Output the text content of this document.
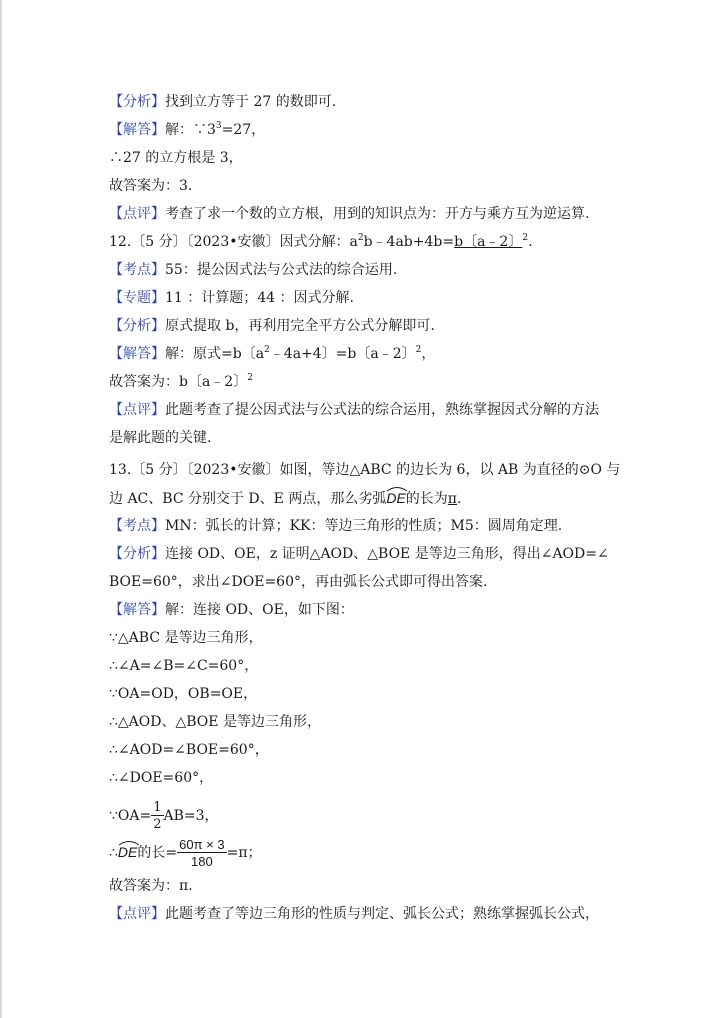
【分析】找到立方等于 27 的数即可.
【解答】解：$\because 3^3=27$，
∴27 的立方根是 3，
故答案为：3.
【点评】考查了求一个数的立方根，用到的知识点为：开方与乘方互为逆运算.
12.〔5 分〕〔2023•安徽〕因式分解：$a^2b﹣4ab+4b=b$〔a﹣2〕$^2$.
【考点】55：提公因式法与公式法的综合运用.
【专题】11 ：计算题；44 ：因式分解.
【分析】原式提取 b，再利用完全平方公式分解即可.
【解答】解：原式=b〔$a^2﹣4a+4$〕=b〔a﹣2〕$^2$，
故答案为：b〔a﹣2〕$^2$
【点评】此题考查了提公因式法与公式法的综合运用，熟练掌握因式分解的方法
是解此题的关键.
13.〔5 分〕〔2023•安徽〕如图，等边△ABC 的边长为 6，以 AB 为直径的⊙O 与
边 AC、BC 分别交于 D、E 两点，那么劣弧
DE的长为π.
【考点】MN：弧长的计算；KK：等边三角形的性质；M5：圆周角定理.
【分析】连接 OD、OE，z 证明△AOD、△BOE 是等边三角形，得出∠AOD=∠
BOE=60°，求出∠DOE=60°，再由弧长公式即可得出答案.
【解答】解：连接 OD、OE，如下图：
∵△ABC 是等边三角形，
∴∠A=∠B=∠C=60°，
∵OA=OD，OB=OE，
∴△AOD、△BOE 是等边三角形，
∴∠AOD=∠BOE=60°，
∴∠DOE=60°，
∵OA= $\frac{1}{2} AB=3$，
∴
DE的长= $\frac{60\pi \times 3}{180} =\pi$；
故答案为：π.
【点评】此题考查了等边三角形的性质与判定、弧长公式；熟练掌握弧长公式，
